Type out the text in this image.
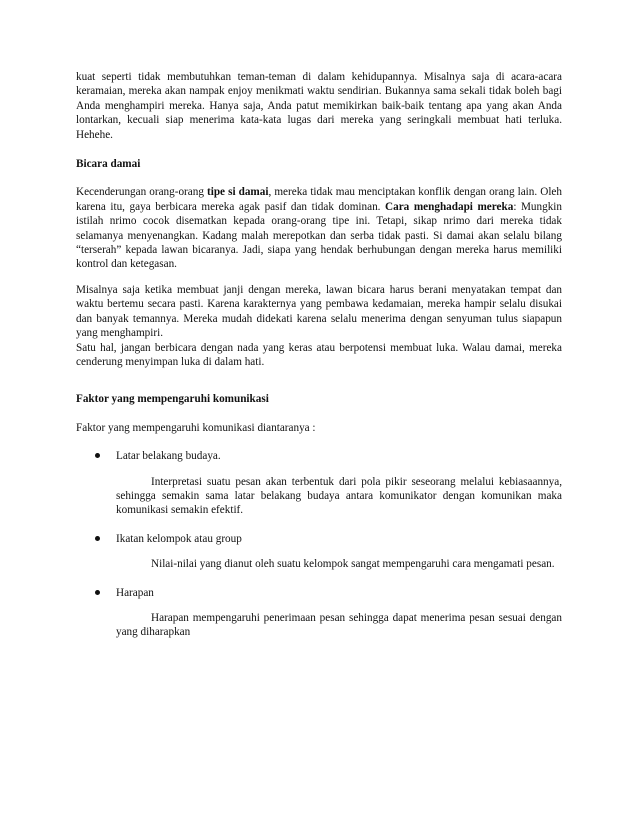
kuat seperti tidak membutuhkan teman-teman di dalam kehidupannya. Misalnya saja di acara-acara keramaian, mereka akan nampak enjoy menikmati waktu sendirian. Bukannya sama sekali tidak boleh bagi Anda menghampiri mereka. Hanya saja, Anda patut memikirkan baik-baik tentang apa yang akan Anda lontarkan, kecuali siap menerima kata-kata lugas dari mereka yang seringkali membuat hati terluka. Hehehe.

Bicara damai

Kecenderungan orang-orang tipe si damai, mereka tidak mau menciptakan konflik dengan orang lain. Oleh karena itu, gaya berbicara mereka agak pasif dan tidak dominan. Cara menghadapi mereka: Mungkin istilah nrimo cocok disematkan kepada orang-orang tipe ini. Tetapi, sikap nrimo dari mereka tidak selamanya menyenangkan. Kadang malah merepotkan dan serba tidak pasti. Si damai akan selalu bilang “terserah” kepada lawan bicaranya. Jadi, siapa yang hendak berhubungan dengan mereka harus memiliki kontrol dan ketegasan.

Misalnya saja ketika membuat janji dengan mereka, lawan bicara harus berani menyatakan tempat dan waktu bertemu secara pasti. Karena karakternya yang pembawa kedamaian, mereka hampir selalu disukai dan banyak temannya. Mereka mudah didekati karena selalu menerima dengan senyuman tulus siapapun yang menghampiri.

Satu hal, jangan berbicara dengan nada yang keras atau berpotensi membuat luka. Walau damai, mereka cenderung menyimpan luka di dalam hati.

Faktor yang mempengaruhi komunikasi

Faktor yang mempengaruhi komunikasi diantaranya :

Latar belakang budaya.

Interpretasi suatu pesan akan terbentuk dari pola pikir seseorang melalui kebiasaannya, sehingga semakin sama latar belakang budaya antara komunikator dengan komunikan maka komunikasi semakin efektif.

Ikatan kelompok atau group

Nilai-nilai yang dianut oleh suatu kelompok sangat mempengaruhi cara mengamati pesan.

Harapan

Harapan mempengaruhi penerimaan pesan sehingga dapat menerima pesan sesuai dengan yang diharapkan
